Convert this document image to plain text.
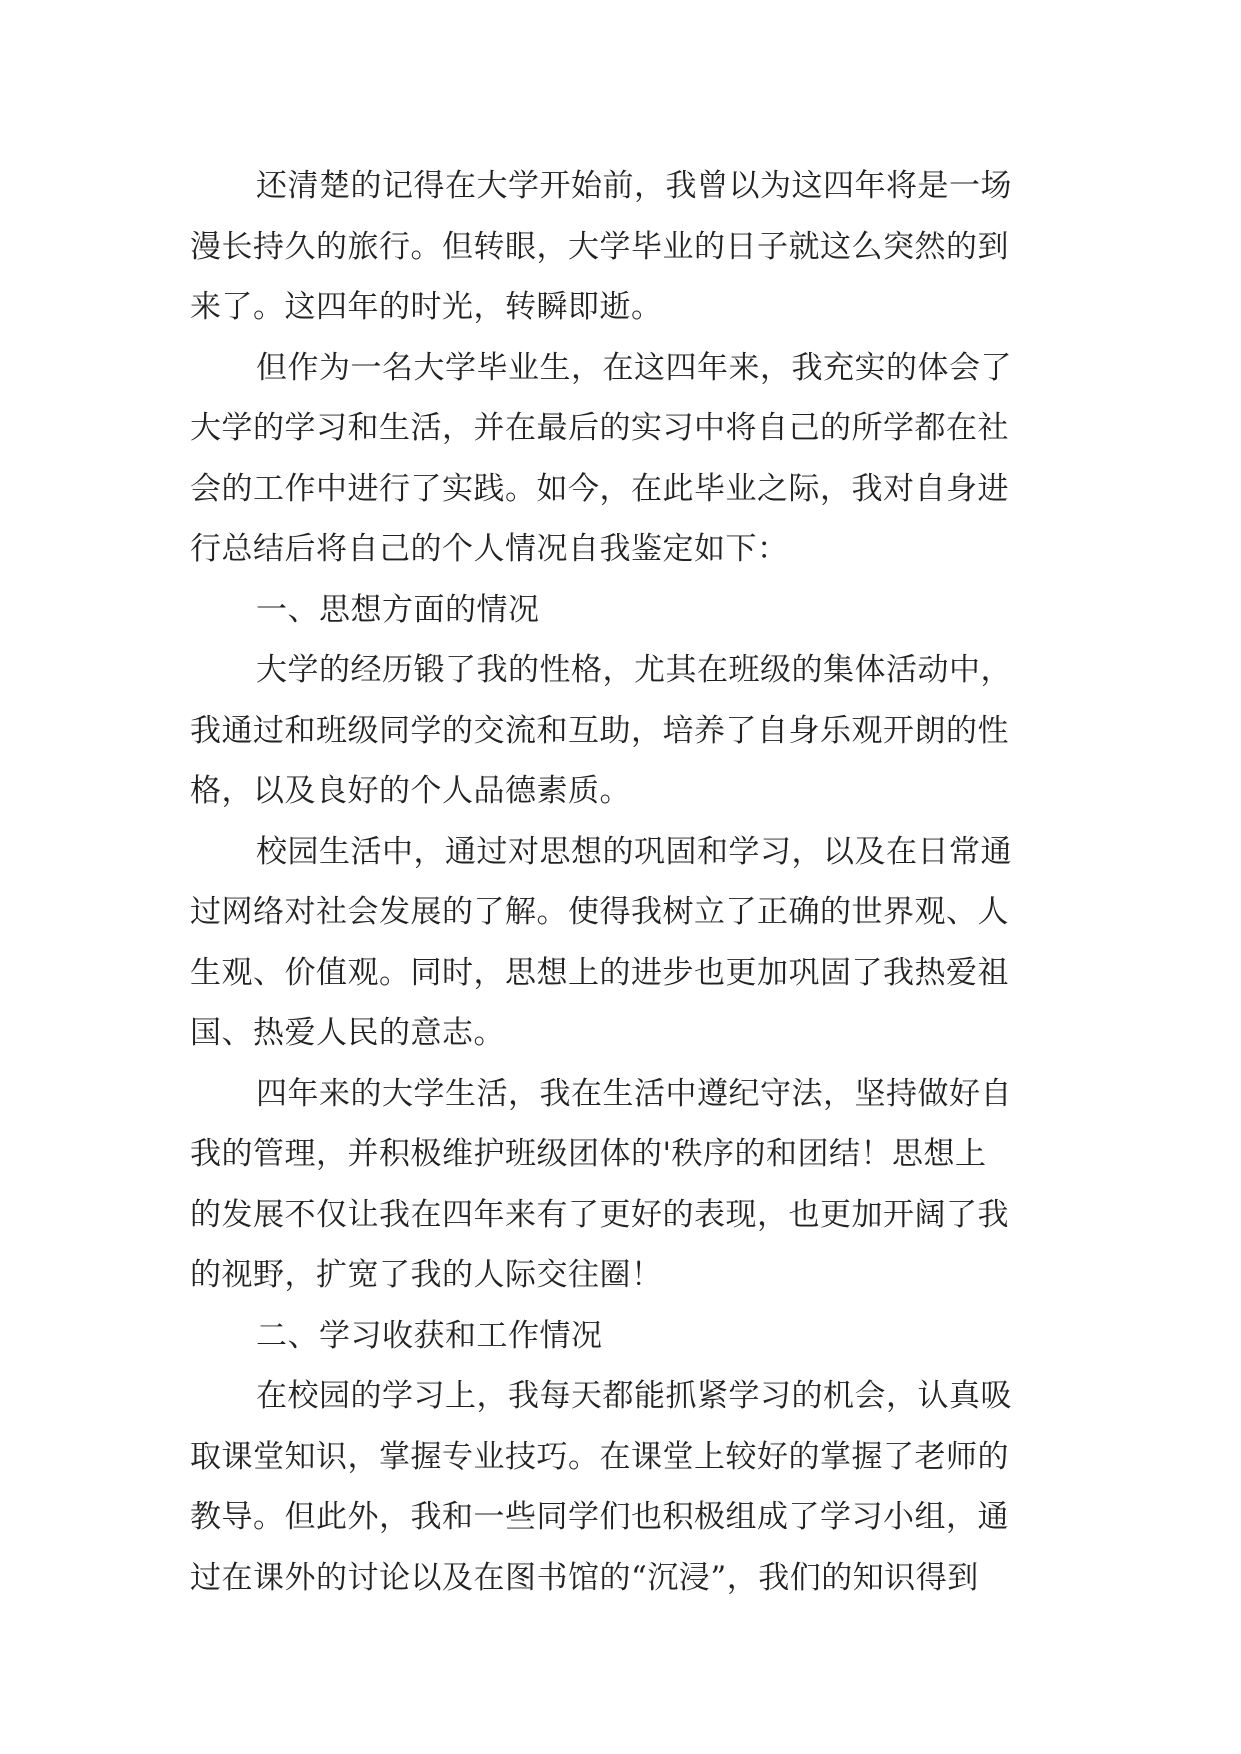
还清楚的记得在大学开始前，我曾以为这四年将是一场
漫长持久的旅行。但转眼，大学毕业的日子就这么突然的到
来了。这四年的时光，转瞬即逝。
但作为一名大学毕业生，在这四年来，我充实的体会了
大学的学习和生活，并在最后的实习中将自己的所学都在社
会的工作中进行了实践。如今，在此毕业之际，我对自身进
行总结后将自己的个人情况自我鉴定如下：
一、思想方面的情况
大学的经历锻了我的性格，尤其在班级的集体活动中，
我通过和班级同学的交流和互助，培养了自身乐观开朗的性
格，以及良好的个人品德素质。
校园生活中，通过对思想的巩固和学习，以及在日常通
过网络对社会发展的了解。使得我树立了正确的世界观、人
生观、价值观。同时，思想上的进步也更加巩固了我热爱祖
国、热爱人民的意志。
四年来的大学生活，我在生活中遵纪守法，坚持做好自
我的管理，并积极维护班级团体的'秩序的和团结！思想上
的发展不仅让我在四年来有了更好的表现，也更加开阔了我
的视野，扩宽了我的人际交往圈！
二、学习收获和工作情况
在校园的学习上，我每天都能抓紧学习的机会，认真吸
取课堂知识，掌握专业技巧。在课堂上较好的掌握了老师的
教导。但此外，我和一些同学们也积极组成了学习小组，通
过在课外的讨论以及在图书馆的“沉浸”，我们的知识得到
